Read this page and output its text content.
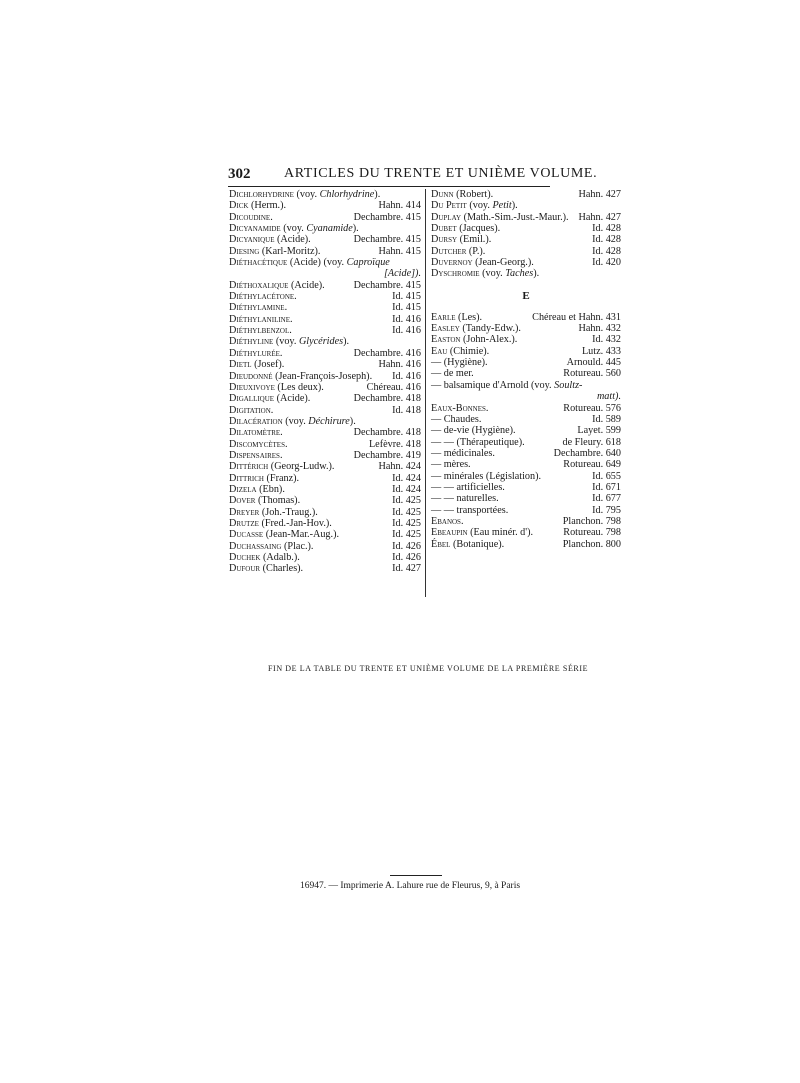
302 ARTICLES DU TRENTE ET UNIÈME VOLUME.
Dichlorhydrine (voy. Chlorhydrine).
Dick (Herm.).	Hahn. 414
Dicoudine.	Dechambre. 415
Dicyanamide (voy. Cyanamide).
Dicyanique (Acide).	Dechambre. 415
Diesing (Karl-Moritz).	Hahn. 415
Diéthacétique (Acide) (voy. Caproïque
[Acide]).
Diéthoxalique (Acide).	Dechambre. 415
Diéthylacétone.	Id. 415
Diéthylamine.	Id. 415
Diéthylaniline.	Id. 416
Diéthylbenzol.	Id. 416
Diéthyline (voy. Glycérides).
Diéthylurée.	Dechambre. 416
Dietl (Josef).	Hahn. 416
Dieudonné (Jean-François-Joseph). Id. 416
Dieuxivoye (Les deux).	Chéreau. 416
Digallique (Acide).	Dechambre. 418
Digitation.	Id. 418
Dilacération (voy. Déchirure).
Dilatomètre.	Dechambre. 418
Discomycètes.	Lefèvre. 418
Dispensaires.	Dechambre. 419
Dittérich (Georg-Ludw.).	Hahn. 424
Dittrich (Franz).	Id. 424
Dizela (Ebn).	Id. 424
Dover (Thomas).	Id. 425
Dreyer (Joh.-Traug.).	Id. 425
Drutze (Fred.-Jan-Hov.).	Id. 425
Ducasse (Jean-Mar.-Aug.).	Id. 425
Duchassaing (Plac.).	Id. 426
Duchek (Adalb.).	Id. 426
Dufour (Charles).	Id. 427
Dunn (Robert).	Hahn. 427
Du Petit (voy. Petit).
Duplay (Math.-Sim.-Just.-Maur.). Hahn. 427
Dubet (Jacques).	Id. 428
Dursy (Emil.).	Id. 428
Dutcher (P.).	Id. 428
Duvernoy (Jean-Georg.).	Id. 420
Dyschromie (voy. Taches).
E
Earle (Les).	Chéreau et Hahn. 431
Easley (Tandy-Edw.).	Hahn. 432
Easton (John-Alex.).	Id. 432
Eau (Chimie).	Lutz. 433
— (Hygiène).	Arnould. 445
— de mer.	Rotureau. 560
— balsamique d'Arnold (voy. Soultz-
matt).
Eaux-Bonnes.	Rotureau. 576
— Chaudes.	Id. 589
— de-vie (Hygiène).	Layet. 599
— — (Thérapeutique).	de Fleury. 618
— médicinales.	Dechambre. 640
— mères.	Rotureau. 649
— minérales (Législation).	Id. 655
— — artificielles.	Id. 671
— — naturelles.	Id. 677
— — transportées.	Id. 795
Ebanos.	Planchon. 798
Ebeaupin (Eau minér. d').	Rotureau. 798
Ébel (Botanique).	Planchon. 800
FIN DE LA TABLE DU TRENTE ET UNIÈME VOLUME DE LA PREMIÈRE SÉRIE
16947. — Imprimerie A. Lahure rue de Fleurus, 9, à Paris
